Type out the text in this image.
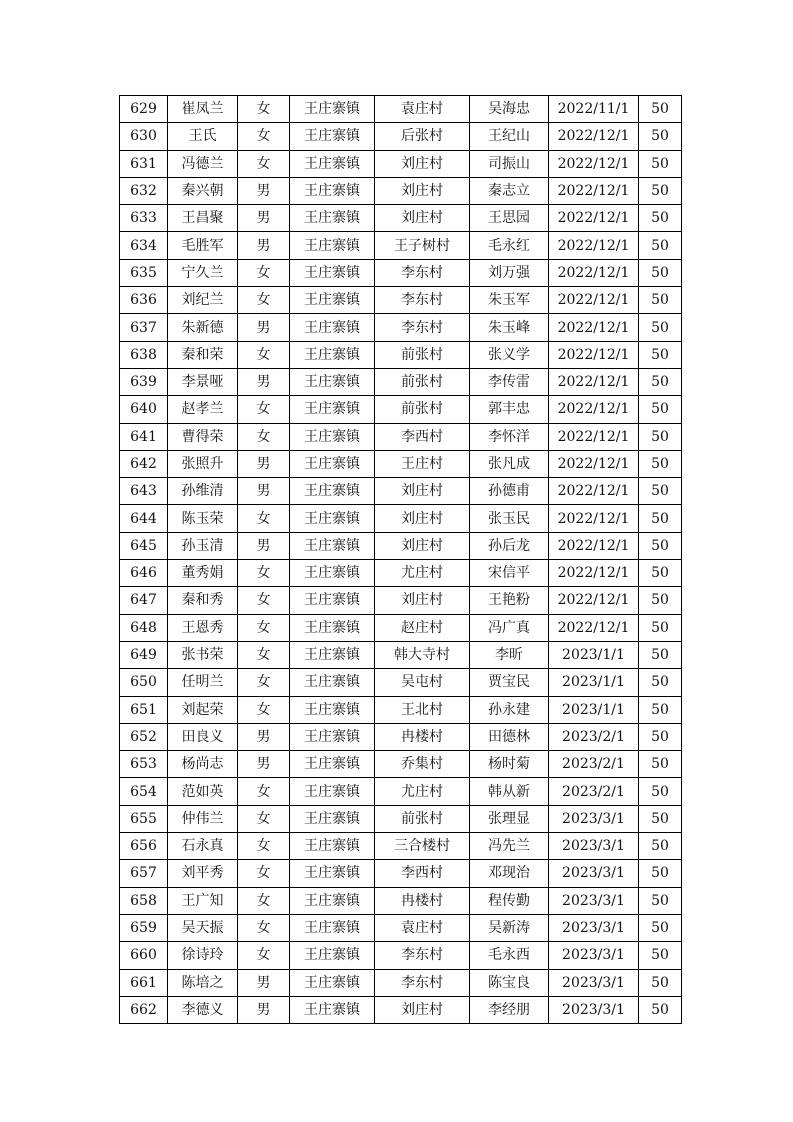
629	崔凤兰	女	王庄寨镇	袁庄村	吴海忠	2022/11/1	50
630	王氏	女	王庄寨镇	后张村	王纪山	2022/12/1	50
631	冯德兰	女	王庄寨镇	刘庄村	司振山	2022/12/1	50
632	秦兴朝	男	王庄寨镇	刘庄村	秦志立	2022/12/1	50
633	王昌聚	男	王庄寨镇	刘庄村	王思园	2022/12/1	50
634	毛胜军	男	王庄寨镇	王子树村	毛永红	2022/12/1	50
635	宁久兰	女	王庄寨镇	李东村	刘万强	2022/12/1	50
636	刘纪兰	女	王庄寨镇	李东村	朱玉军	2022/12/1	50
637	朱新德	男	王庄寨镇	李东村	朱玉峰	2022/12/1	50
638	秦和荣	女	王庄寨镇	前张村	张义学	2022/12/1	50
639	李景哑	男	王庄寨镇	前张村	李传雷	2022/12/1	50
640	赵孝兰	女	王庄寨镇	前张村	郭丰忠	2022/12/1	50
641	曹得荣	女	王庄寨镇	李西村	李怀洋	2022/12/1	50
642	张照升	男	王庄寨镇	王庄村	张凡成	2022/12/1	50
643	孙维清	男	王庄寨镇	刘庄村	孙德甫	2022/12/1	50
644	陈玉荣	女	王庄寨镇	刘庄村	张玉民	2022/12/1	50
645	孙玉清	男	王庄寨镇	刘庄村	孙后龙	2022/12/1	50
646	董秀娟	女	王庄寨镇	尤庄村	宋信平	2022/12/1	50
647	秦和秀	女	王庄寨镇	刘庄村	王艳粉	2022/12/1	50
648	王恩秀	女	王庄寨镇	赵庄村	冯广真	2022/12/1	50
649	张书荣	女	王庄寨镇	韩大寺村	李昕	2023/1/1	50
650	任明兰	女	王庄寨镇	吴屯村	贾宝民	2023/1/1	50
651	刘起荣	女	王庄寨镇	王北村	孙永建	2023/1/1	50
652	田良义	男	王庄寨镇	冉楼村	田德林	2023/2/1	50
653	杨尚志	男	王庄寨镇	乔集村	杨时菊	2023/2/1	50
654	范如英	女	王庄寨镇	尤庄村	韩从新	2023/2/1	50
655	仲伟兰	女	王庄寨镇	前张村	张理显	2023/3/1	50
656	石永真	女	王庄寨镇	三合楼村	冯先兰	2023/3/1	50
657	刘平秀	女	王庄寨镇	李西村	邓现治	2023/3/1	50
658	王广知	女	王庄寨镇	冉楼村	程传勤	2023/3/1	50
659	吴天振	女	王庄寨镇	袁庄村	吴新涛	2023/3/1	50
660	徐诗玲	女	王庄寨镇	李东村	毛永西	2023/3/1	50
661	陈培之	男	王庄寨镇	李东村	陈宝良	2023/3/1	50
662	李德义	男	王庄寨镇	刘庄村	李经朋	2023/3/1	50
